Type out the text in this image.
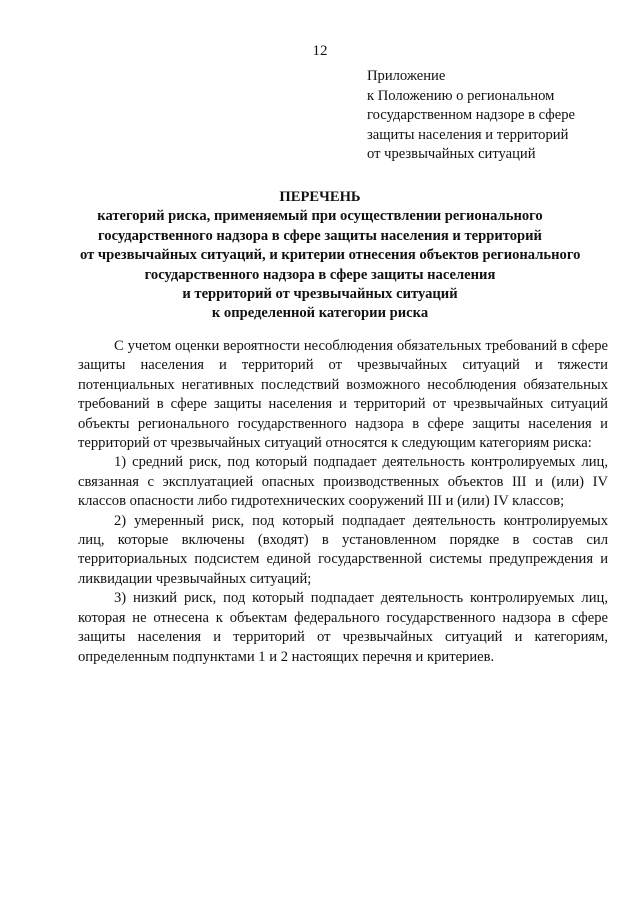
12
Приложение
к Положению о региональном
государственном надзоре в сфере
защиты населения и территорий
от чрезвычайных ситуаций
ПЕРЕЧЕНЬ
категорий риска, применяемый при осуществлении регионального
государственного надзора в сфере защиты населения и территорий
от чрезвычайных ситуаций, и критерии отнесения объектов регионального
государственного надзора в сфере защиты населения
и территорий от чрезвычайных ситуаций
к определенной категории риска

С учетом оценки вероятности несоблюдения обязательных требований в сфере защиты населения и территорий от чрезвычайных ситуаций и тяжести потенциальных негативных последствий возможного несоблюдения обязательных требований в сфере защиты населения и территорий от чрезвычайных ситуаций объекты регионального государственного надзора в сфере защиты населения и территорий от чрезвычайных ситуаций относятся к следующим категориям риска:

1) средний риск, под который подпадает деятельность контролируемых лиц, связанная с эксплуатацией опасных производственных объектов III и (или) IV классов опасности либо гидротехнических сооружений III и (или) IV классов;

2) умеренный риск, под который подпадает деятельность контролируемых лиц, которые включены (входят) в установленном порядке в состав сил территориальных подсистем единой государственной системы предупреждения и ликвидации чрезвычайных ситуаций;

3) низкий риск, под который подпадает деятельность контролируемых лиц, которая не отнесена к объектам федерального государственного надзора в сфере защиты населения и территорий от чрезвычайных ситуаций и категориям, определенным подпунктами 1 и 2 настоящих перечня и критериев.
